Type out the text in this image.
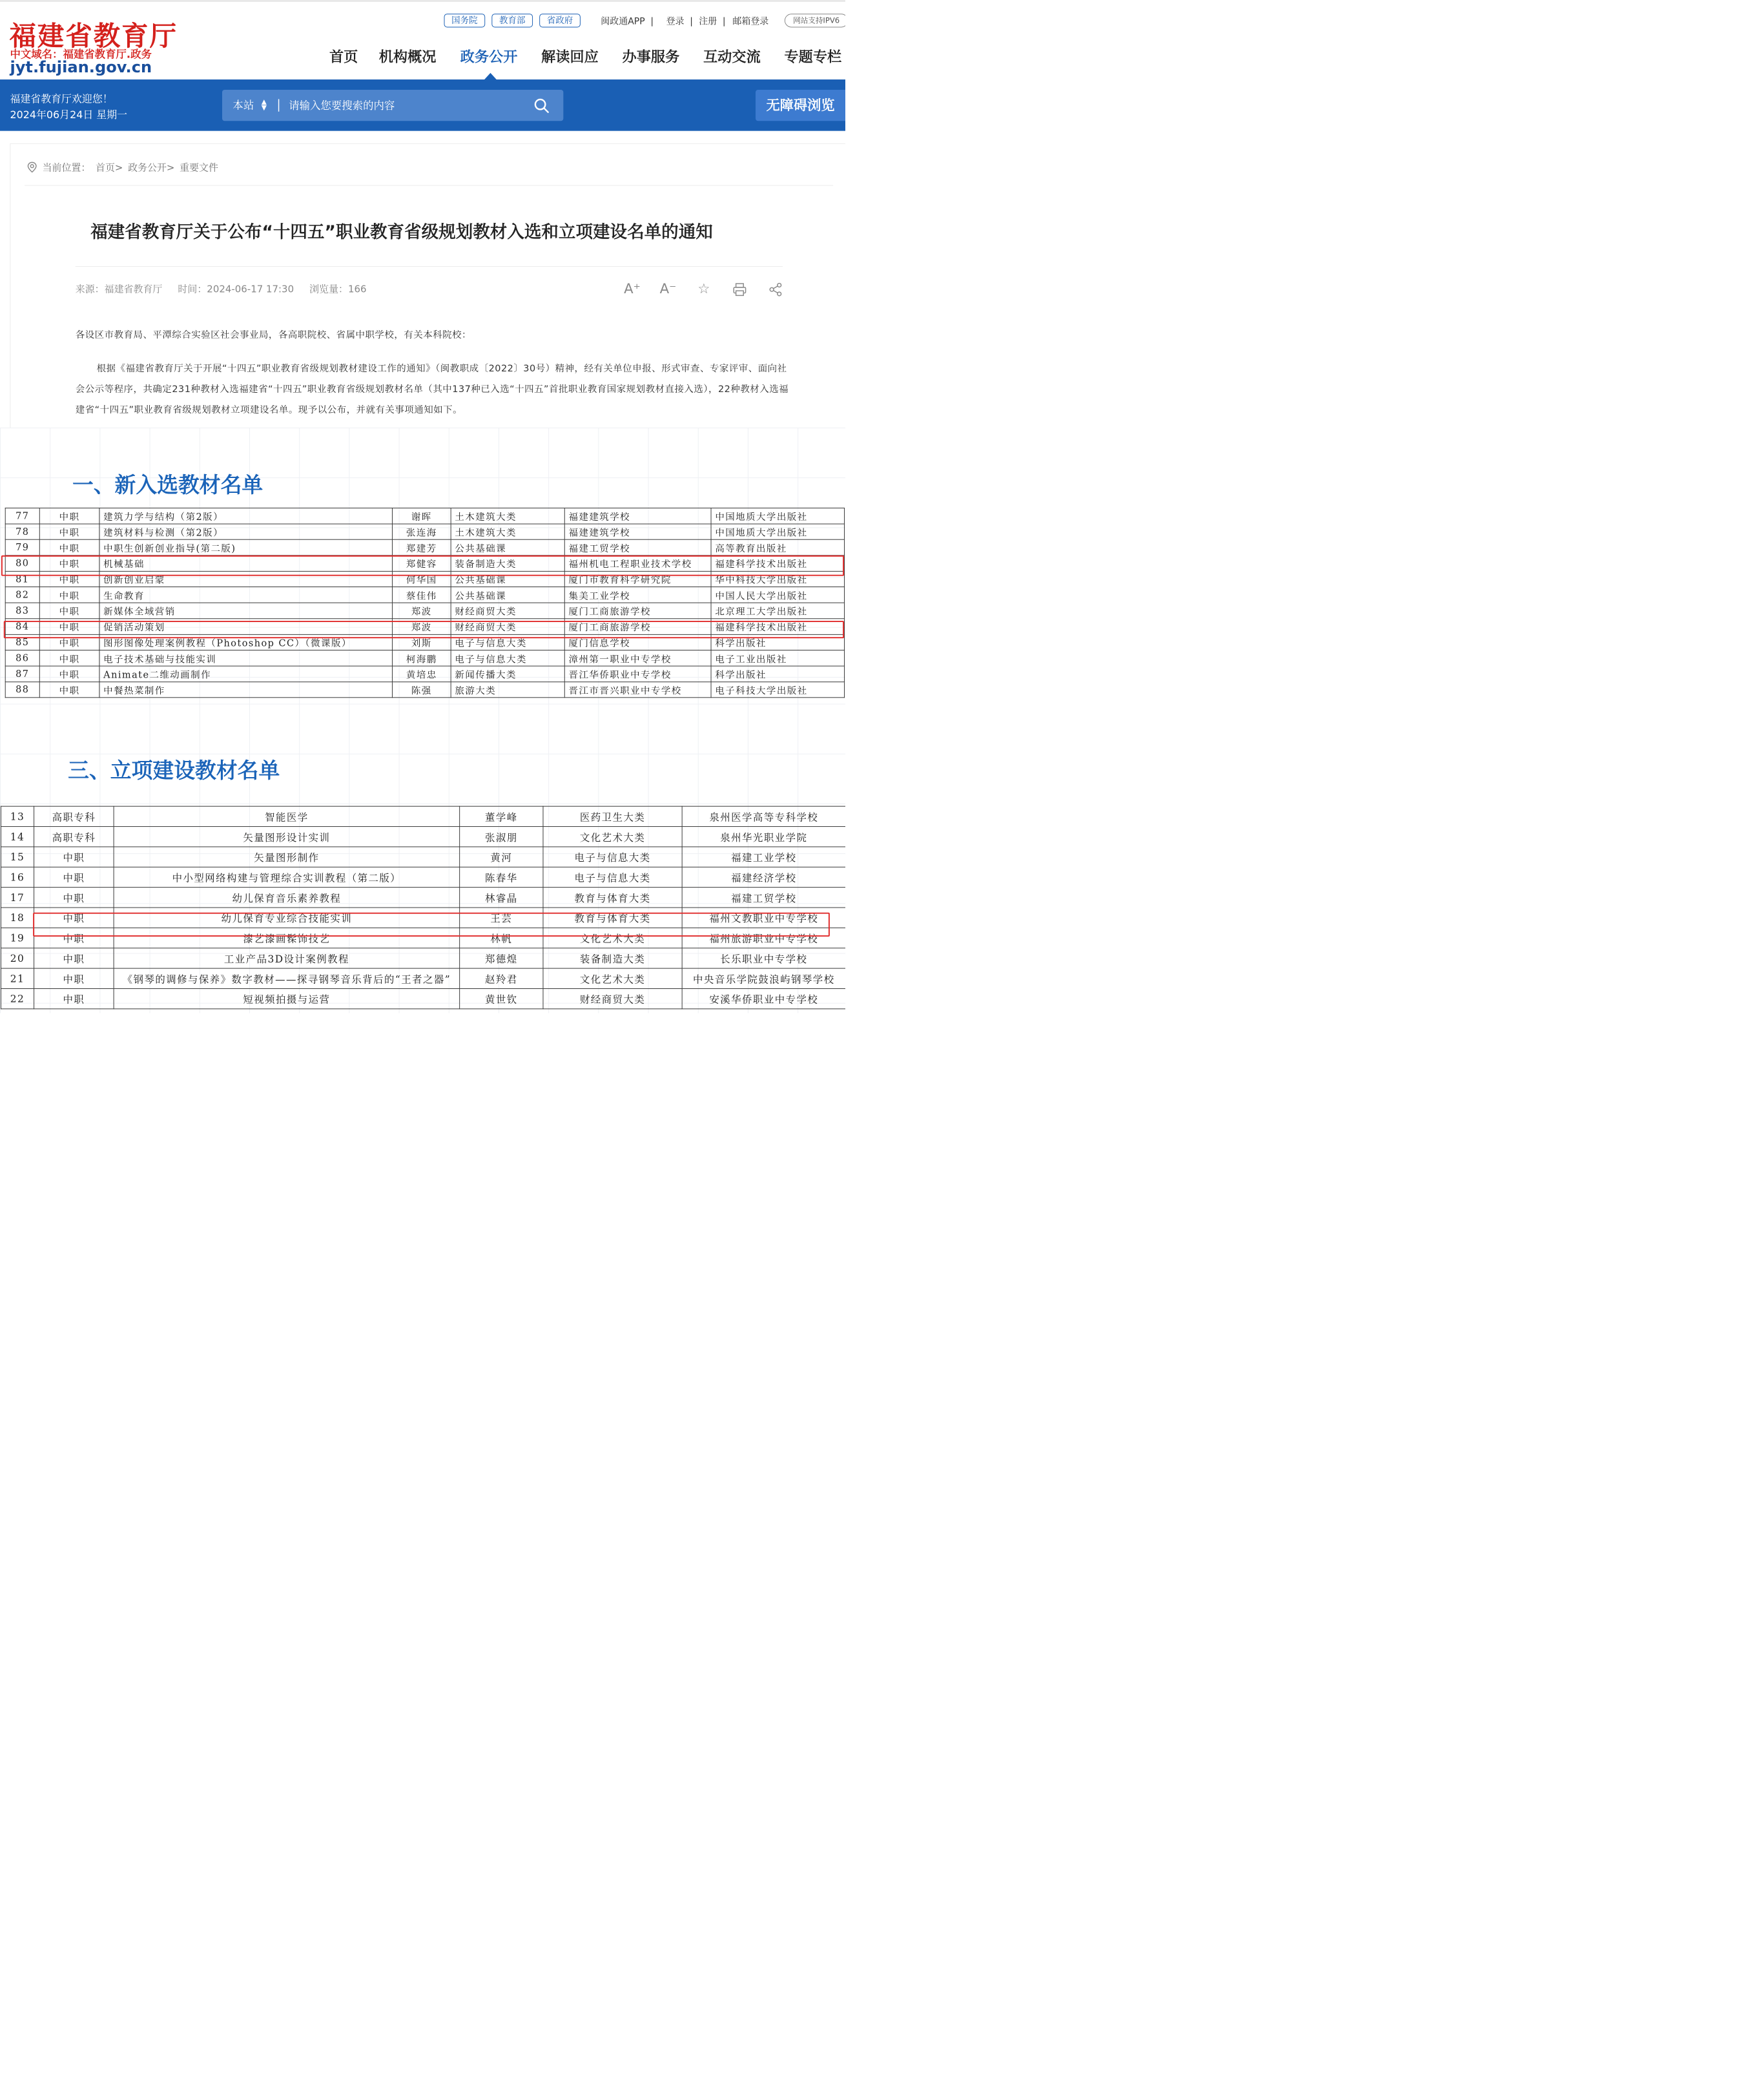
福建省教育厅
中文域名：福建省教育厅.政务
jyt.fujian.gov.cn
国务院	教育部	省政府	闽政通APP |	登录 | 注册 | 邮箱登录	网站支持IPV6
首页 机构概况 政务公开 解读回应 办事服务 互动交流 专题专栏
福建省教育厅欢迎您！
2024年06月24日 星期一
本站 ▲
▼
请输入您要搜索的内容	无障碍浏览
当前位置： 首页> 政务公开> 重要文件
福建省教育厅关于公布“十四五”职业教育省级规划教材入选和立项建设名单的通知
来源：福建省教育厅 时间：2024-06-17 17:30 浏览量：166	A⁺ A⁻ ☆
各设区市教育局、平潭综合实验区社会事业局，各高职院校、省属中职学校，有关本科院校：
根据《福建省教育厅关于开展“十四五”职业教育省级规划教材建设工作的通知》（闽教职成〔2022〕30号）精神，经有关单位申报、形式审查、专家评审、面向社会公示等程序，共确定231种教材入选福建省“十四五”职业教育省级规划教材名单（其中137种已入选“十四五”首批职业教育国家规划教材直接入选），22种教材入选福建省“十四五”职业教育省级规划教材立项建设名单。现予以公布，并就有关事项通知如下。
一、新入选教材名单
77	中职	建筑力学与结构（第2版）	谢晖	土木建筑大类	福建建筑学校	中国地质大学出版社
78	中职	建筑材料与检测（第2版）	张连海	土木建筑大类	福建建筑学校	中国地质大学出版社
79	中职	中职生创新创业指导(第二版)	郑建芳	公共基础课	福建工贸学校	高等教育出版社
80	中职	机械基础	郑健容	装备制造大类	福州机电工程职业技术学校	福建科学技术出版社
81	中职	创新创业启蒙	何华国	公共基础课	厦门市教育科学研究院	华中科技大学出版社
82	中职	生命教育	蔡佳伟	公共基础课	集美工业学校	中国人民大学出版社
83	中职	新媒体全域营销	郑波	财经商贸大类	厦门工商旅游学校	北京理工大学出版社
84	中职	促销活动策划	郑波	财经商贸大类	厦门工商旅游学校	福建科学技术出版社
85	中职	图形图像处理案例教程（Photoshop CC）（微课版）	刘斯	电子与信息大类	厦门信息学校	科学出版社
86	中职	电子技术基础与技能实训	柯海鹏	电子与信息大类	漳州第一职业中专学校	电子工业出版社
87	中职	Animate二维动画制作	黄培忠	新闻传播大类	晋江华侨职业中专学校	科学出版社
88	中职	中餐热菜制作	陈强	旅游大类	晋江市晋兴职业中专学校	电子科技大学出版社
三、立项建设教材名单
13	高职专科	智能医学	董学峰	医药卫生大类	泉州医学高等专科学校
14	高职专科	矢量图形设计实训	张淑朋	文化艺术大类	泉州华光职业学院
15	中职	矢量图形制作	黄河	电子与信息大类	福建工业学校
16	中职	中小型网络构建与管理综合实训教程（第二版）	陈春华	电子与信息大类	福建经济学校
17	中职	幼儿保育音乐素养教程	林睿晶	教育与体育大类	福建工贸学校
18	中职	幼儿保育专业综合技能实训	王芸	教育与体育大类	福州文教职业中专学校
19	中职	漆艺漆画髹饰技艺	林帆	文化艺术大类	福州旅游职业中专学校
20	中职	工业产品3D设计案例教程	郑德煌	装备制造大类	长乐职业中专学校
21	中职	《钢琴的调修与保养》数字教材——探寻钢琴音乐背后的“王者之器”	赵羚君	文化艺术大类	中央音乐学院鼓浪屿钢琴学校
22	中职	短视频拍摄与运营	黄世钦	财经商贸大类	安溪华侨职业中专学校
